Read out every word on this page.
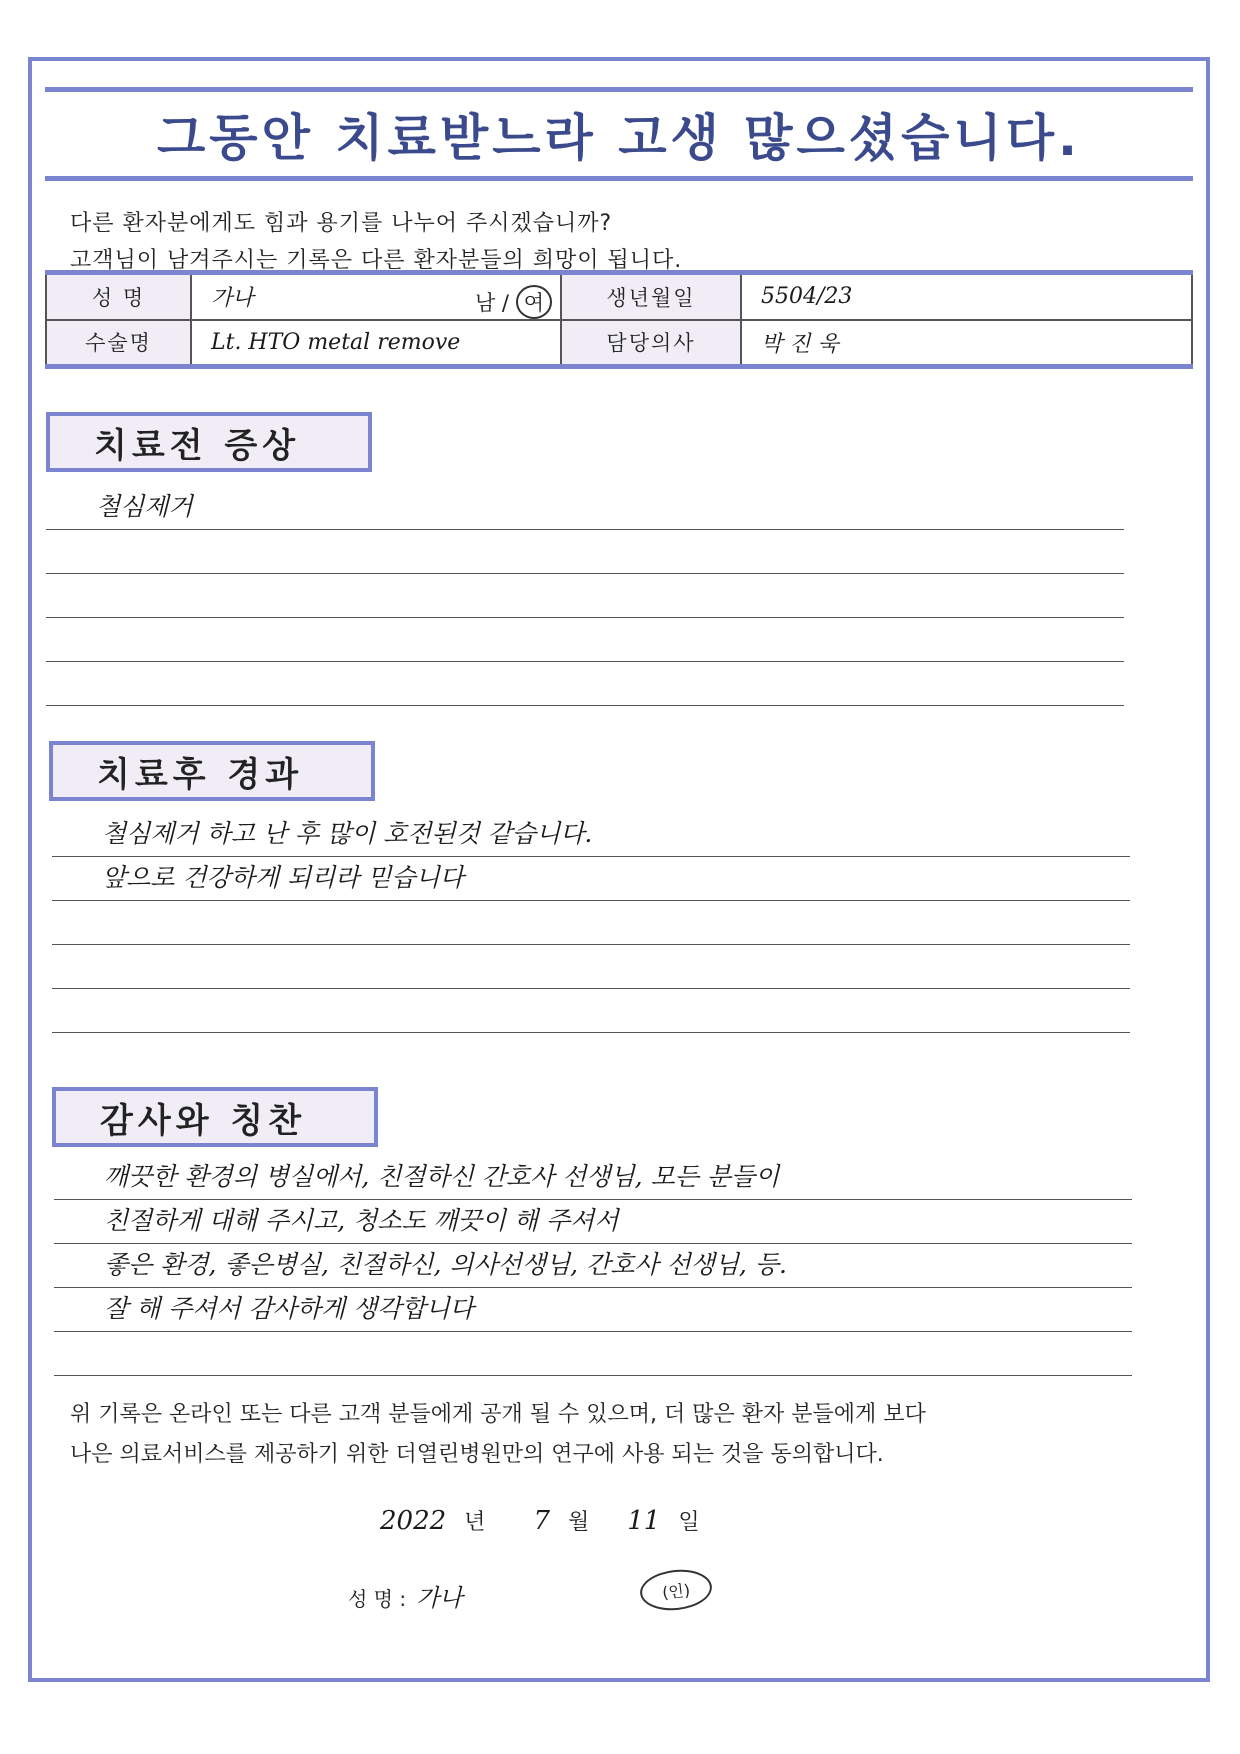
그동안 치료받느라 고생 많으셨습니다.
다른 환자분에게도 힘과 용기를 나누어 주시겠습니까?
고객님이 남겨주시는 기록은 다른 환자분들의 희망이 됩니다.
성 명	가나 남 / 여	생년월일	5504/23
수술명	Lt. HTO metal remove	담당의사	박 진 욱
치료전 증상
철심제거
치료후 경과
철심제거 하고 난 후 많이 호전된것 같습니다.
앞으로 건강하게 되리라 믿습니다
감사와 칭찬
깨끗한 환경의 병실에서, 친절하신 간호사 선생님, 모든 분들이
친절하게 대해 주시고, 청소도 깨끗이 해 주셔서
좋은 환경, 좋은병실, 친절하신, 의사선생님, 간호사 선생님, 등.
잘 해 주셔서 감사하게 생각합니다
위 기록은 온라인 또는 다른 고객 분들에게 공개 될 수 있으며, 더 많은 환자 분들에게 보다
나은 의료서비스를 제공하기 위한 더열린병원만의 연구에 사용 되는 것을 동의합니다.
2022 년 7 월 11 일
성 명 : 가나	(인)
